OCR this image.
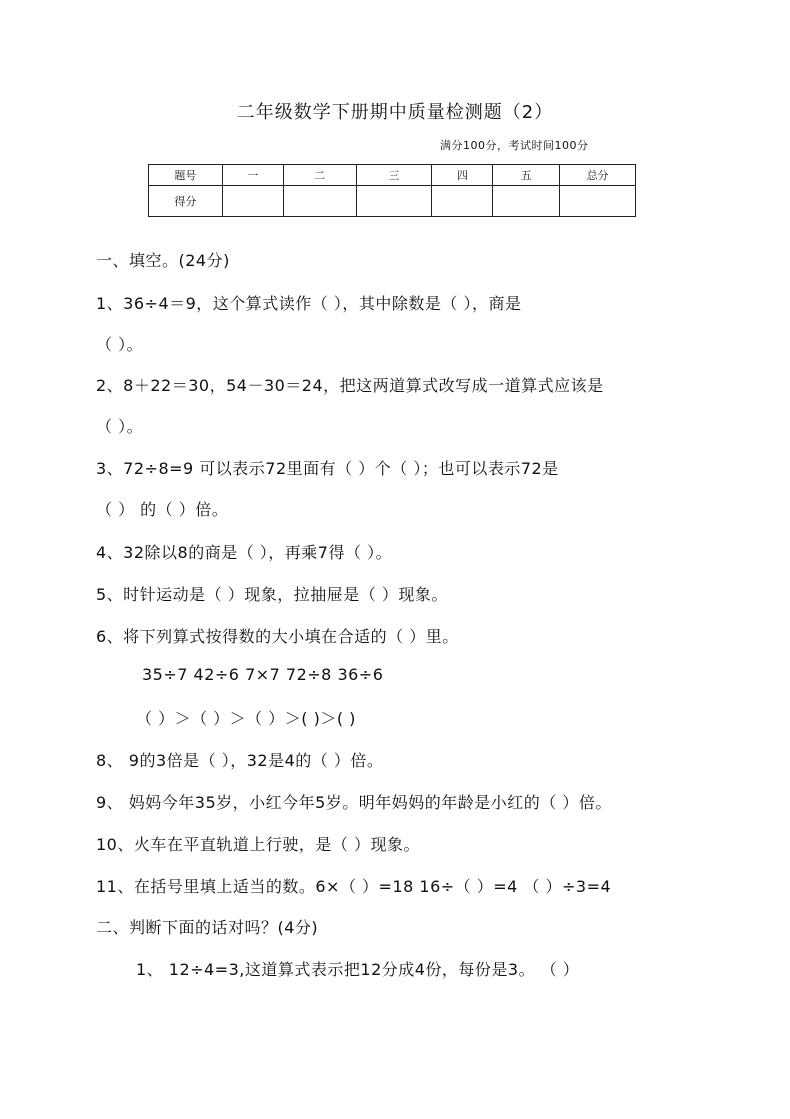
二年级数学下册期中质量检测题（2）
满分100分，考试时间100分
题号	一	二	三	四	五	总分
得分						
一、填空。(24分)
1、36÷4＝9，这个算式读作（ ），其中除数是（ ），商是
（ ）。
2、8＋22＝30，54－30＝24，把这两道算式改写成一道算式应该是
（ ）。
3、72÷8=9 可以表示72里面有（ ）个（ ）；也可以表示72是
（ ） 的（ ）倍。
4、32除以8的商是（ ），再乘7得（ ）。
5、时针运动是（ ）现象，拉抽屉是（ ）现象。
6、将下列算式按得数的大小填在合适的（ ）里。
35÷7 42÷6 7×7 72÷8 36÷6
（ ）＞（ ）＞（ ）＞( )＞( )
8、 9的3倍是（ ），32是4的（ ）倍。
9、 妈妈今年35岁，小红今年5岁。明年妈妈的年龄是小红的（ ）倍。
10、火车在平直轨道上行驶，是（ ）现象。
11、在括号里填上适当的数。6×（ ）=18 16÷（ ）=4 （ ）÷3=4
二、判断下面的话对吗？(4分)
1、 12÷4=3,这道算式表示把12分成4份，每份是3。 （ ）
